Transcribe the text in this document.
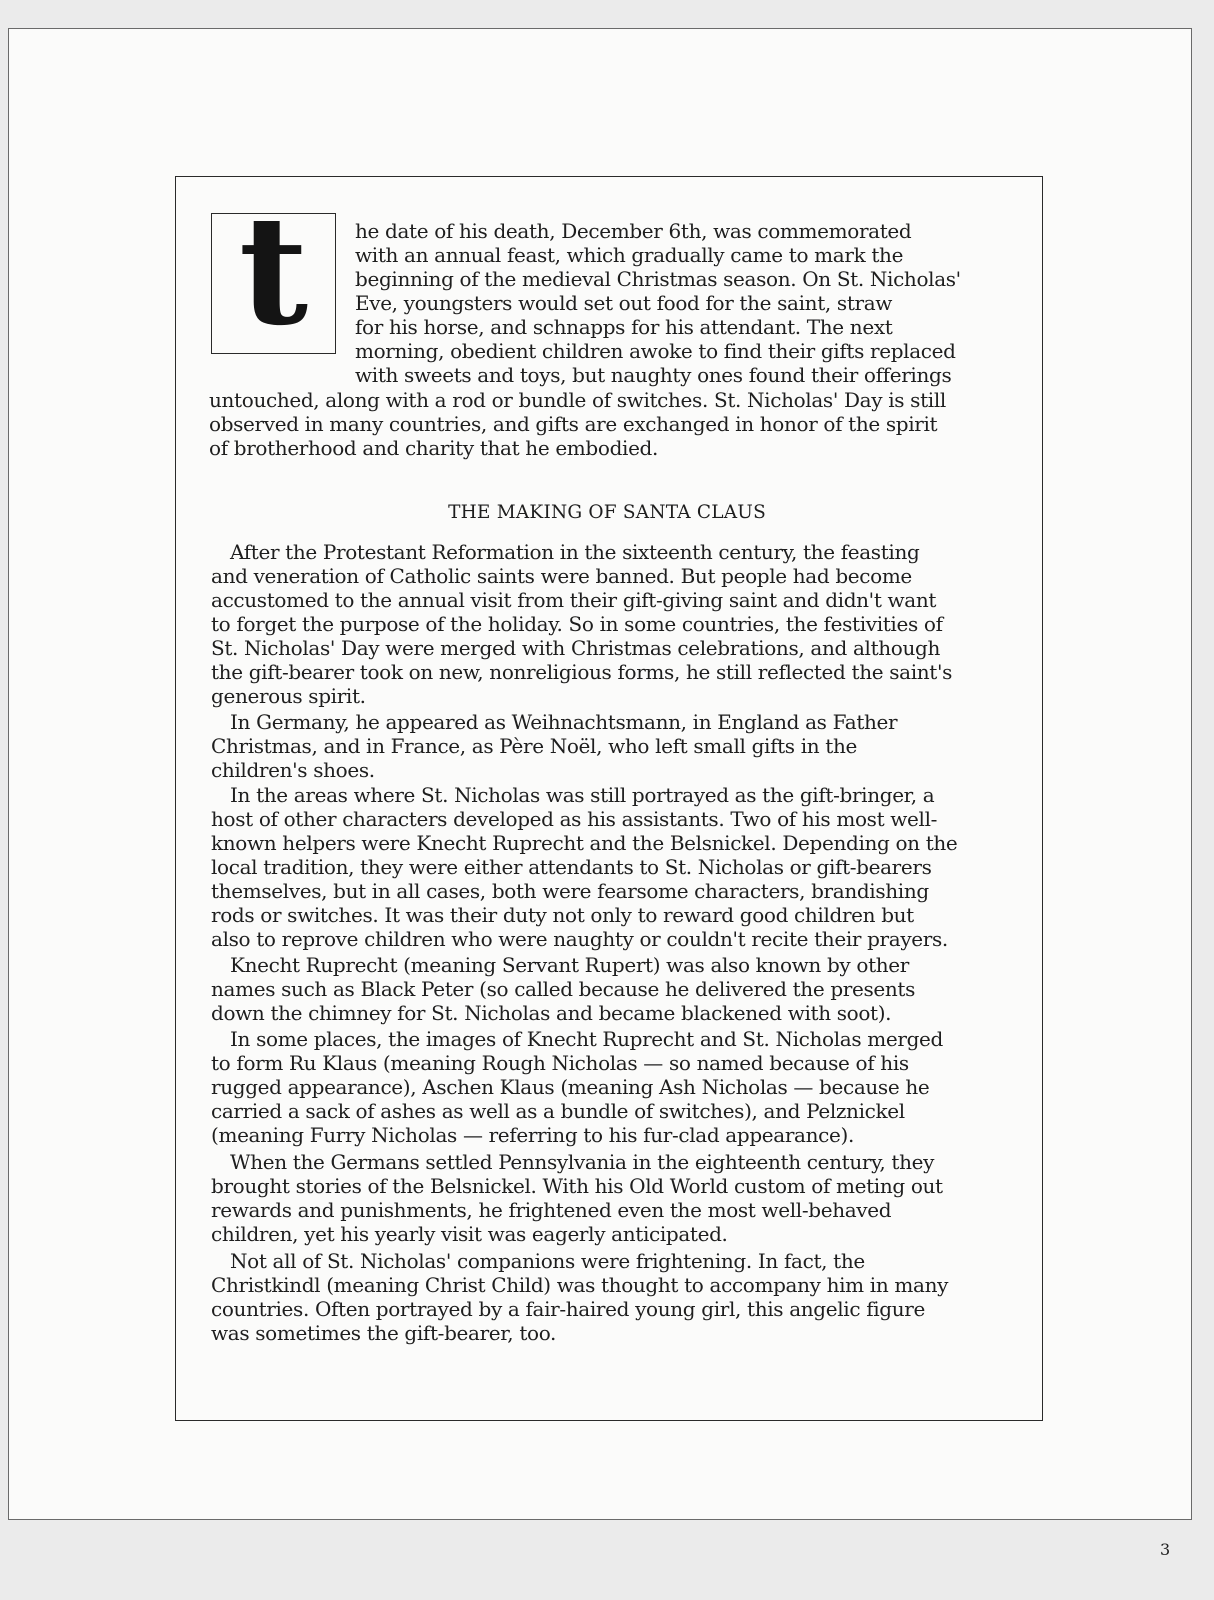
t	he date of his death, December 6th, was commemorated
with an annual feast, which gradually came to mark the
beginning of the medieval Christmas season. On St. Nicholas'
Eve, youngsters would set out food for the saint, straw
for his horse, and schnapps for his attendant. The next
morning, obedient children awoke to find their gifts replaced
with sweets and toys, but naughty ones found their offerings
untouched, along with a rod or bundle of switches. St. Nicholas' Day is still
observed in many countries, and gifts are exchanged in honor of the spirit
of brotherhood and charity that he embodied.
THE MAKING OF SANTA CLAUS
After the Protestant Reformation in the sixteenth century, the feasting
and veneration of Catholic saints were banned. But people had become
accustomed to the annual visit from their gift-giving saint and didn't want
to forget the purpose of the holiday. So in some countries, the festivities of
St. Nicholas' Day were merged with Christmas celebrations, and although
the gift-bearer took on new, nonreligious forms, he still reflected the saint's
generous spirit.
In Germany, he appeared as Weihnachtsmann, in England as Father
Christmas, and in France, as Père Noël, who left small gifts in the
children's shoes.
In the areas where St. Nicholas was still portrayed as the gift-bringer, a
host of other characters developed as his assistants. Two of his most well-
known helpers were Knecht Ruprecht and the Belsnickel. Depending on the
local tradition, they were either attendants to St. Nicholas or gift-bearers
themselves, but in all cases, both were fearsome characters, brandishing
rods or switches. It was their duty not only to reward good children but
also to reprove children who were naughty or couldn't recite their prayers.
Knecht Ruprecht (meaning Servant Rupert) was also known by other
names such as Black Peter (so called because he delivered the presents
down the chimney for St. Nicholas and became blackened with soot).
In some places, the images of Knecht Ruprecht and St. Nicholas merged
to form Ru Klaus (meaning Rough Nicholas — so named because of his
rugged appearance), Aschen Klaus (meaning Ash Nicholas — because he
carried a sack of ashes as well as a bundle of switches), and Pelznickel
(meaning Furry Nicholas — referring to his fur-clad appearance).
When the Germans settled Pennsylvania in the eighteenth century, they
brought stories of the Belsnickel. With his Old World custom of meting out
rewards and punishments, he frightened even the most well-behaved
children, yet his yearly visit was eagerly anticipated.
Not all of St. Nicholas' companions were frightening. In fact, the
Christkindl (meaning Christ Child) was thought to accompany him in many
countries. Often portrayed by a fair-haired young girl, this angelic figure
was sometimes the gift-bearer, too.
3
